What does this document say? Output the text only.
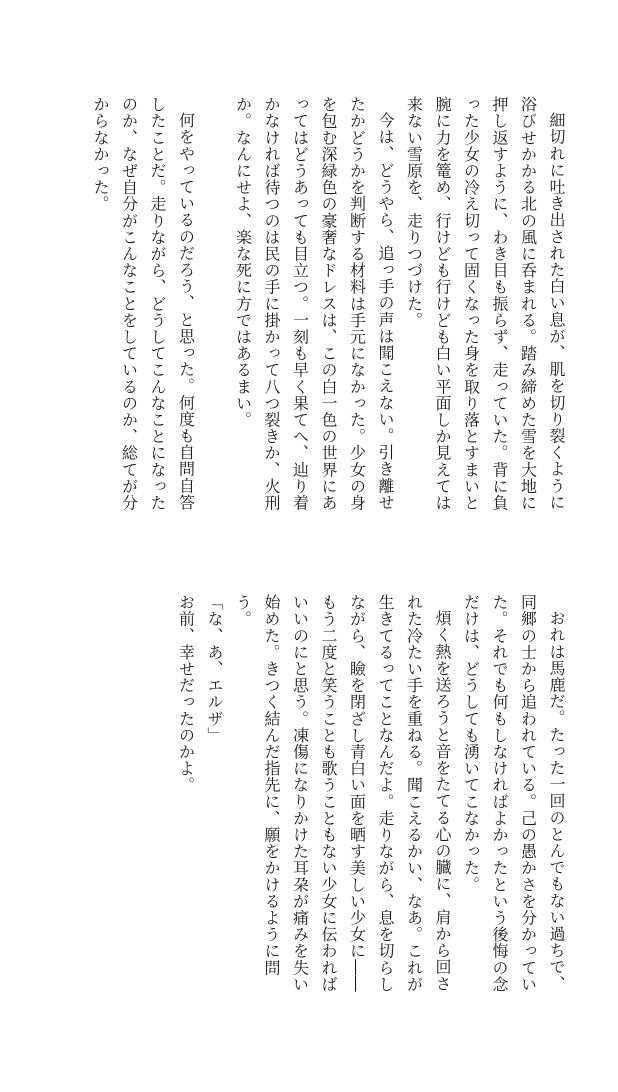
細切れに吐き出された白い息が、肌を切り裂くように浴びせかかる北の風に呑まれる。踏み締めた雪を大地に押し返すように、わき目も振らず、走っていた。背に負った少女の冷え切って固くなった身を取り落とすまいと腕に力を篭め、行けども行けども白い平面しか見えては来ない雪原を、走りつづけた。

今は、どうやら、追っ手の声は聞こえない。引き離せたかどうかを判断する材料は手元になかった。少女の身を包む深緑色の豪奢なドレスは、この白一色の世界にあってはどうあっても目立つ。一刻も早く果てへ、辿り着かなければ待つのは民の手に掛かって八つ裂きか、火刑か。なんにせよ、楽な死に方ではあるまい。

何をやっているのだろう、と思った。何度も自問自答したことだ。走りながら、どうしてこんなことになったのか、なぜ自分がこんなことをしているのか、総てが分からなかった。

おれは馬鹿だ。たった一回のとんでもない過ちで、同郷の士から追われている。己の愚かさを分かっていた。それでも何もしなければよかったという後悔の念だけは、どうしても湧いてこなかった。

煩く熱を送ろうと音をたてる心の臓に、肩から回された冷たい手を重ねる。聞こえるかい、なあ。これが生きてるってことなんだよ。走りながら、息を切らしながら、瞼を閉ざし青白い面を晒す美しい少女に――もう二度と笑うことも歌うこともない少女に伝わればいいのにと思う。凍傷になりかけた耳朶が痛みを失い始めた。きつく結んだ指先に、願をかけるように問う。

「な、あ、エルザ」

お前、幸せだったのかよ。
